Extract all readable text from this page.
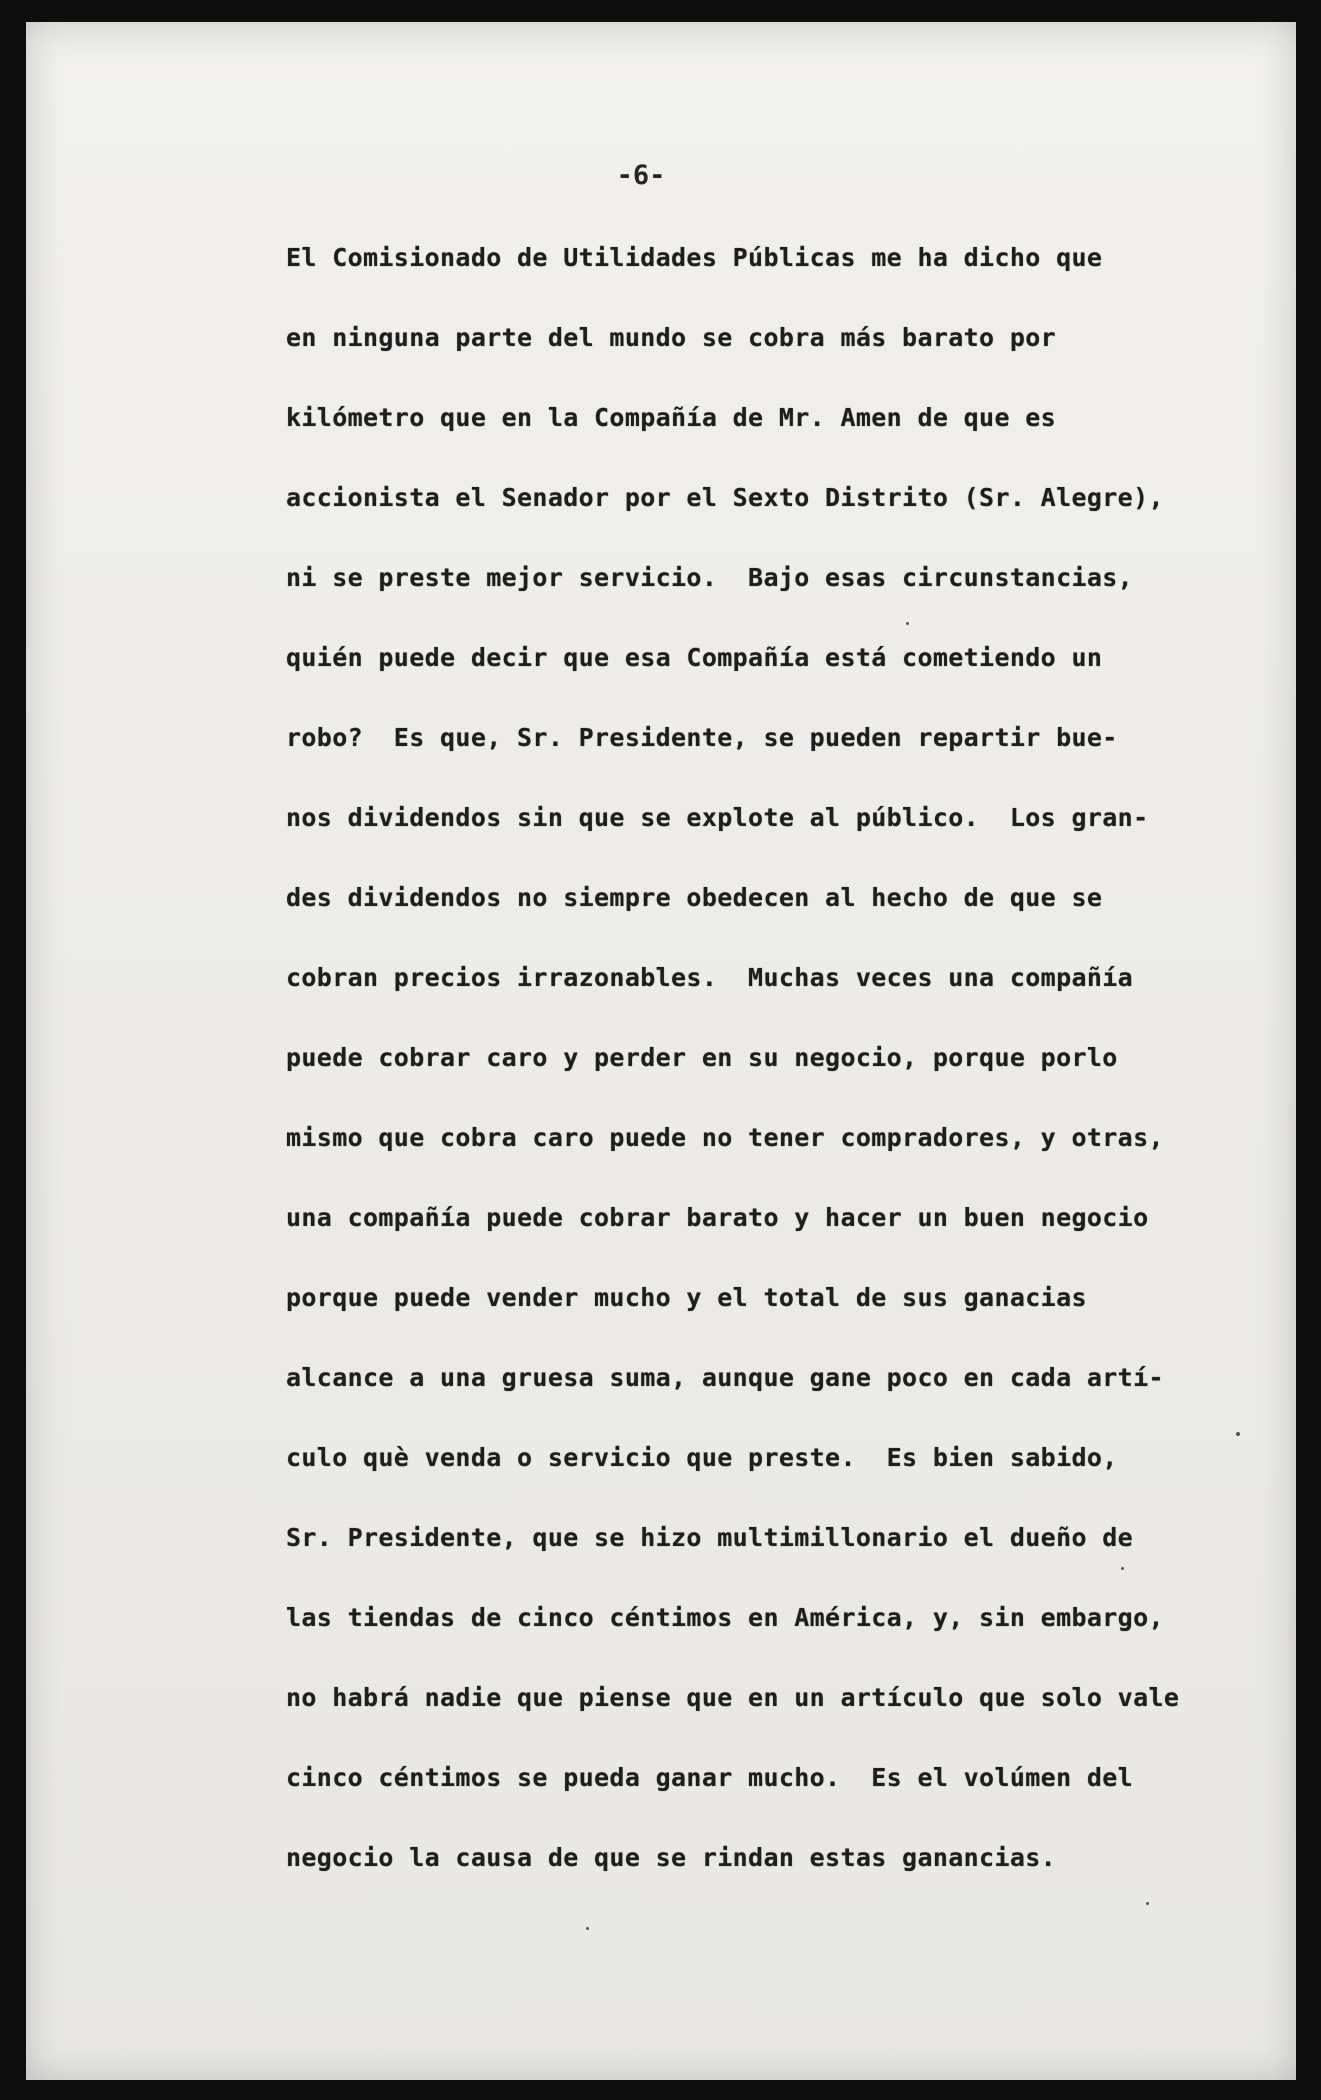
-6-
El Comisionado de Utilidades Públicas me ha dicho que
en ninguna parte del mundo se cobra más barato por
kilómetro que en la Compañía de Mr. Amen de que es
accionista el Senador por el Sexto Distrito (Sr. Alegre),
ni se preste mejor servicio.  Bajo esas circunstancias,
quién puede decir que esa Compañía está cometiendo un
robo?  Es que, Sr. Presidente, se pueden repartir bue-
nos dividendos sin que se explote al público.  Los gran-
des dividendos no siempre obedecen al hecho de que se
cobran precios irrazonables.  Muchas veces una compañía
puede cobrar caro y perder en su negocio, porque porlo
mismo que cobra caro puede no tener compradores, y otras,
una compañía puede cobrar barato y hacer un buen negocio
porque puede vender mucho y el total de sus ganacias
alcance a una gruesa suma, aunque gane poco en cada artí-
culo què venda o servicio que preste.  Es bien sabido,
Sr. Presidente, que se hizo multimillonario el dueño de
las tiendas de cinco céntimos en América, y, sin embargo,
no habrá nadie que piense que en un artículo que solo vale
cinco céntimos se pueda ganar mucho.  Es el volúmen del
negocio la causa de que se rindan estas ganancias.
